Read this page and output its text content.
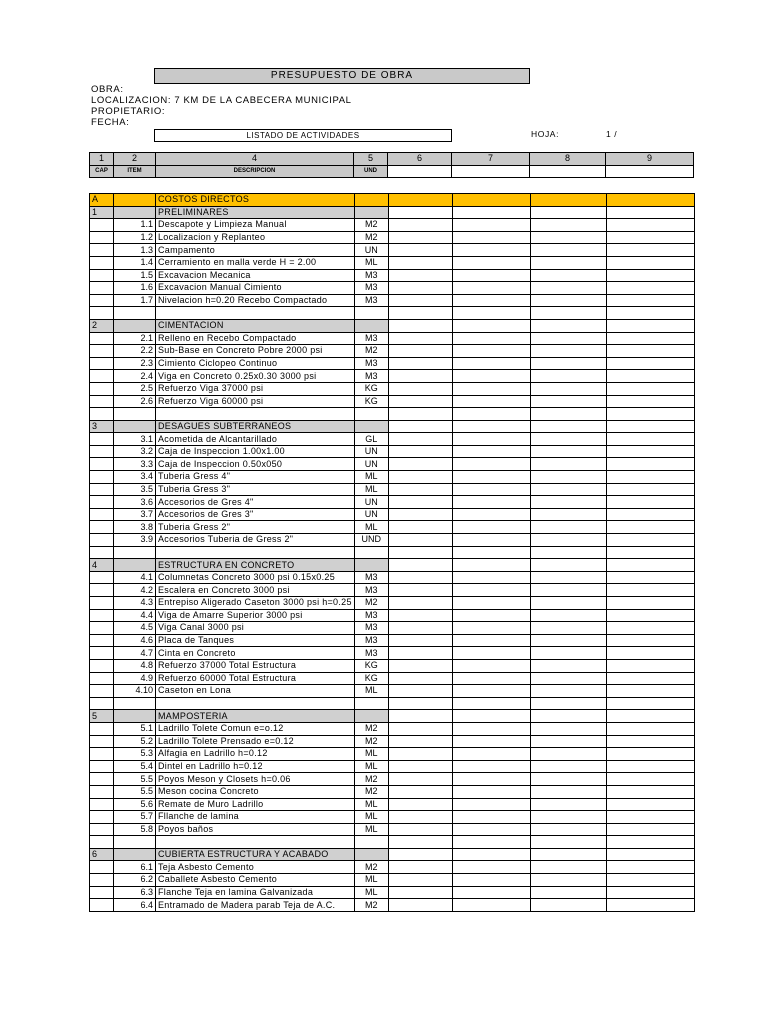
PRESUPUESTO DE OBRA
OBRA:
LOCALIZACION: 7 KM DE LA CABECERA MUNICIPAL
PROPIETARIO:
FECHA:
LISTADO DE ACTIVIDADES	HOJA:	1 /
1	2	4	5	6	7	8	9
CAP	ITEM	DESCRIPCION	UND				
A		COSTOS DIRECTOS					
1		PRELIMINARES					
	1.1	Descapote y Limpieza Manual	M2				
	1.2	Localizacion y Replanteo	M2				
	1.3	Campamento	UN				
	1.4	Cerramiento en malla verde H = 2.00	ML				
	1.5	Excavacion Mecanica	M3				
	1.6	Excavacion Manual Cimiento	M3				
	1.7	Nivelacion h=0.20 Recebo Compactado	M3				

2		CIMENTACION					
	2.1	Relleno en Recebo Compactado	M3				
	2.2	Sub-Base en Concreto Pobre 2000 psi	M2				
	2.3	Cimiento Ciclopeo Continuo	M3				
	2.4	Viga en Concreto 0.25x0.30 3000 psi	M3				
	2.5	Refuerzo Viga 37000 psi	KG				
	2.6	Refuerzo Viga 60000 psi	KG				

3		DESAGUES SUBTERRANEOS					
	3.1	Acometida de Alcantarillado	GL				
	3.2	Caja de Inspeccion 1.00x1.00	UN				
	3.3	Caja de Inspeccion 0.50x050	UN				
	3.4	Tuberia Gress 4"	ML				
	3.5	Tuberia Gress 3"	ML				
	3.6	Accesorios de Gres 4"	UN				
	3.7	Accesorios de Gres 3"	UN				
	3.8	Tuberia Gress 2"	ML				
	3.9	Accesorios Tuberia de Gress 2"	UND				

4		ESTRUCTURA EN CONCRETO					
	4.1	Columnetas Concreto 3000 psi 0.15x0.25	M3				
	4.2	Escalera en Concreto 3000 psi	M3				
	4.3	Entrepiso Aligerado Caseton 3000 psi h=0.25	M2				
	4.4	Viga de Amarre Superior 3000 psi	M3				
	4.5	Viga Canal 3000 psi	M3				
	4.6	Placa de Tanques	M3				
	4.7	Cinta en Concreto	M3				
	4.8	Refuerzo 37000 Total Estructura	KG				
	4.9	Refuerzo 60000 Total Estructura	KG				
	4.10	Caseton en Lona	ML				

5		MAMPOSTERIA					
	5.1	Ladrillo Tolete Comun e=o.12	M2				
	5.2	Ladrillo Tolete Prensado e=0.12	M2				
	5.3	Alfagia en Ladrillo h=0.12	ML				
	5.4	Dintel en Ladrillo h=0.12	ML				
	5.5	Poyos Meson y Closets h=0.06	M2				
	5.5	Meson cocina Concreto	M2				
	5.6	Remate de Muro Ladrillo	ML				
	5.7	Fllanche de lamina	ML				
	5.8	Poyos baños	ML				

6		CUBIERTA ESTRUCTURA Y ACABADO					
	6.1	Teja Asbesto Cemento	M2				
	6.2	Caballete Asbesto Cemento	ML				
	6.3	Flanche Teja en lamina Galvanizada	ML				
	6.4	Entramado de Madera parab Teja de A.C.	M2				
